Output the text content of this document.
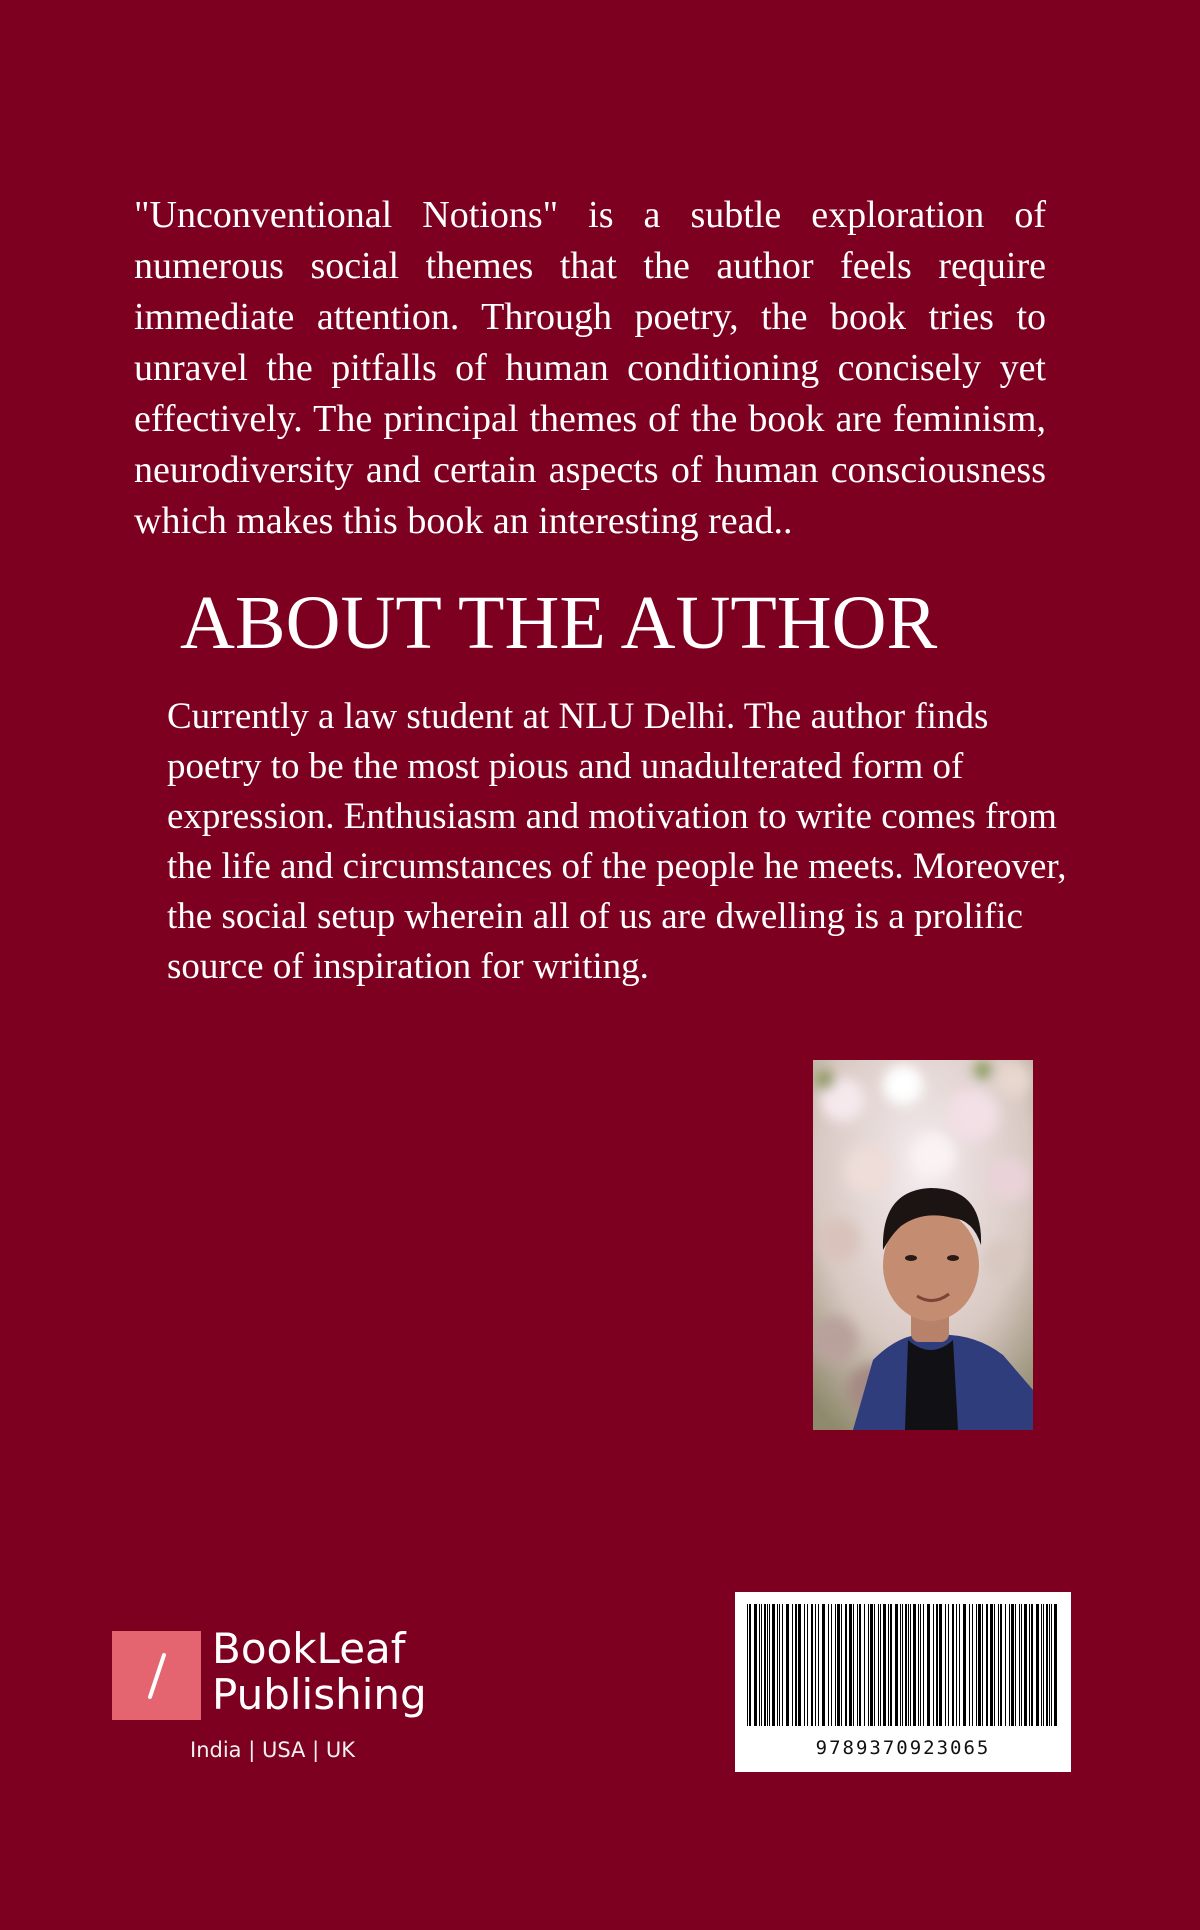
"Unconventional Notions" is a subtle exploration of numerous social themes that the author feels require immediate attention. Through poetry, the book tries to unravel the pitfalls of human conditioning concisely yet effectively. The principal themes of the book are feminism, neurodiversity and certain aspects of human consciousness which makes this book an interesting read..

ABOUT THE AUTHOR

Currently a law student at NLU Delhi. The author finds poetry to be the most pious and unadulterated form of expression. Enthusiasm and motivation to write comes from the life and circumstances of the people he meets. Moreover, the social setup wherein all of us are dwelling is a prolific source of inspiration for writing.

BookLeaf
Publishing
India | USA | UK	9789370923065
